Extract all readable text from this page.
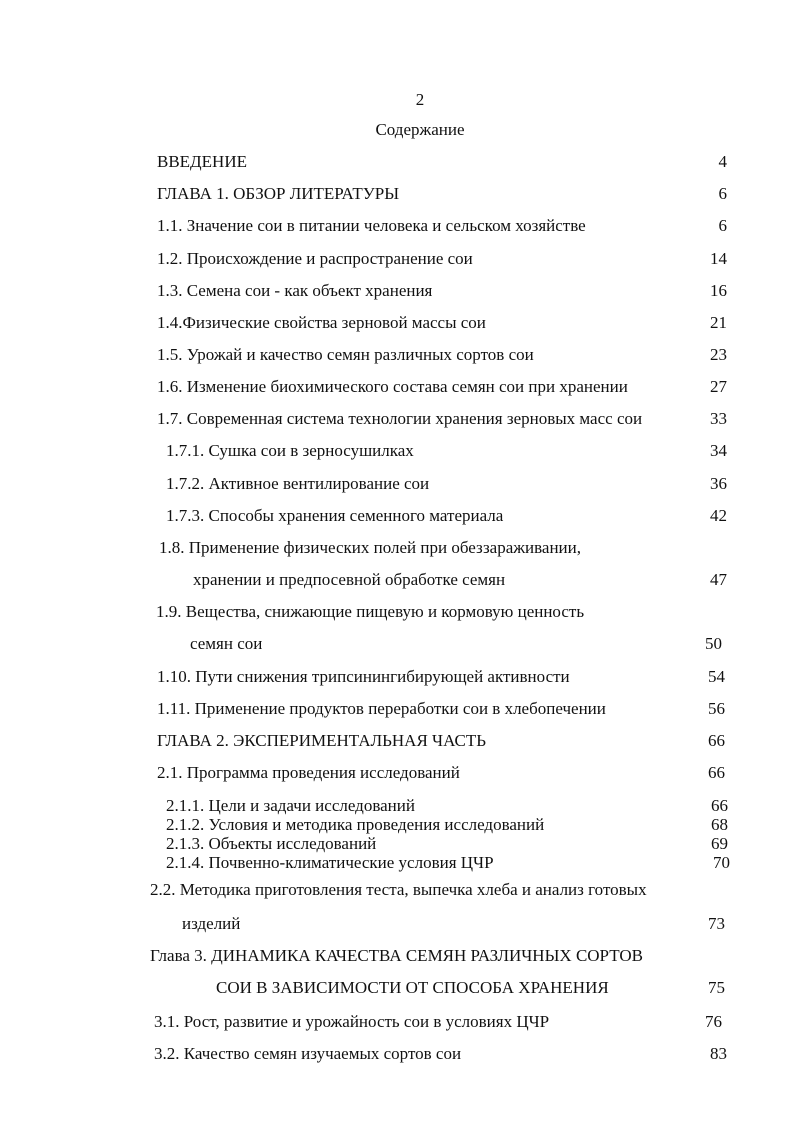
2
Содержание
ВВЕДЕНИЕ	4
ГЛАВА 1. ОБЗОР ЛИТЕРАТУРЫ	6
1.1. Значение сои в питании человека и сельском хозяйстве	6
1.2. Происхождение и распространение сои	14
1.3. Семена сои - как объект хранения	16
1.4.Физические свойства зерновой массы сои	21
1.5. Урожай и качество семян различных сортов сои	23
1.6. Изменение биохимического состава семян сои при хранении	27
1.7. Современная система технологии хранения зерновых масс сои	33
1.7.1. Сушка сои в зерносушилках	34
1.7.2. Активное вентилирование сои	36
1.7.3. Способы хранения семенного материала	42
1.8. Применение физических полей при обеззараживании,
хранении и предпосевной обработке семян	47
1.9. Вещества, снижающие пищевую и кормовую ценность
семян сои	50
1.10. Пути снижения трипсинингибирующей активности	54
1.11. Применение продуктов переработки сои в хлебопечении	56
ГЛАВА 2. ЭКСПЕРИМЕНТАЛЬНАЯ ЧАСТЬ	66
2.1. Программа проведения исследований	66
2.1.1. Цели и задачи исследований	66
2.1.2. Условия и методика проведения исследований	68
2.1.3. Объекты исследований	69
2.1.4. Почвенно-климатические условия ЦЧР	70
2.2. Методика приготовления теста, выпечка хлеба и анализ готовых
изделий	73
Глава 3. ДИНАМИКА КАЧЕСТВА СЕМЯН РАЗЛИЧНЫХ СОРТОВ
СОИ В ЗАВИСИМОСТИ ОТ СПОСОБА ХРАНЕНИЯ	75
3.1. Рост, развитие и урожайность сои в условиях ЦЧР	76
3.2. Качество семян изучаемых сортов сои	83
